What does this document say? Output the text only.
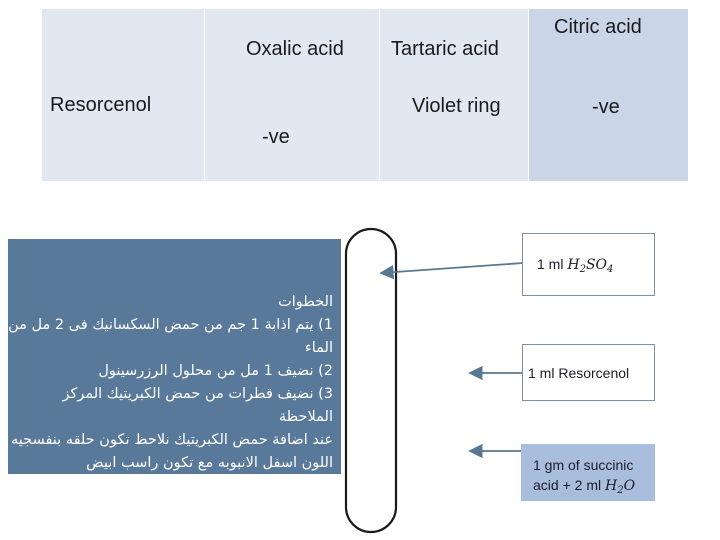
Resorcenol
Oxalic acid
-ve
Tartaric acid
Violet ring
Citric acid
-ve
الخطوات
1) يتم اذابة 1 جم من حمض السكسانيك فى 2 مل من
الماء
2) نضيف 1 مل من محلول الرزرسينول
3) نضيف قطرات من حمض الكبريتيك المركز
الملاحظة
عند اضافة حمض الكبريتيك نلاحظ تكون حلقه بنفسجيه
اللون اسفل الانبوبه مع تكون راسب ابيض
1 ml $H_2SO_4$
1 ml Resorcenol
1 gm of succinic
acid + 2 ml $H_2O$
